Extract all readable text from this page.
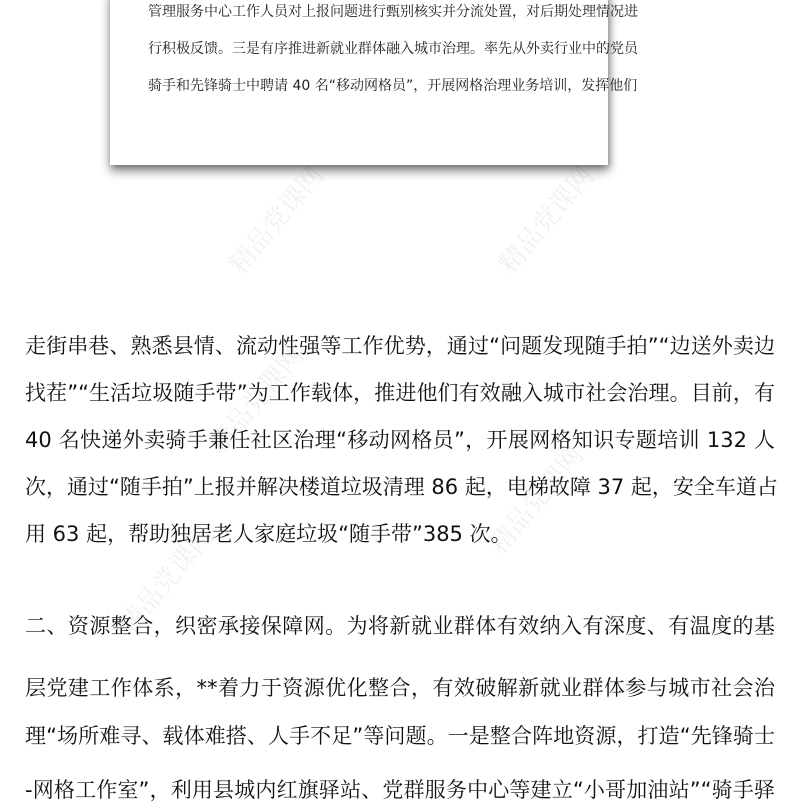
精品党课网	精品党课网
精品党课网
精品党课网
精品党课网
管理服务中心工作人员对上报问题进行甄别核实并分流处置，对后期处理情况进
行积极反馈。三是有序推进新就业群体融入城市治理。率先从外卖行业中的党员
骑手和先锋骑士中聘请 40 名“移动网格员”，开展网格治理业务培训，发挥他们
走街串巷、熟悉县情、流动性强等工作优势，通过“问题发现随手拍”“边送外卖边
找茬”“生活垃圾随手带”为工作载体，推进他们有效融入城市社会治理。目前，有
40 名快递外卖骑手兼任社区治理“移动网格员”，开展网格知识专题培训 132 人
次，通过“随手拍”上报并解决楼道垃圾清理 86 起，电梯故障 37 起，安全车道占
用 63 起，帮助独居老人家庭垃圾“随手带”385 次。
二、资源整合，织密承接保障网。为将新就业群体有效纳入有深度、有温度的基
层党建工作体系，**着力于资源优化整合，有效破解新就业群体参与城市社会治
理“场所难寻、载体难搭、人手不足”等问题。一是整合阵地资源，打造“先锋骑士
-网格工作室”，利用县城内红旗驿站、党群服务中心等建立“小哥加油站”“骑手驿
